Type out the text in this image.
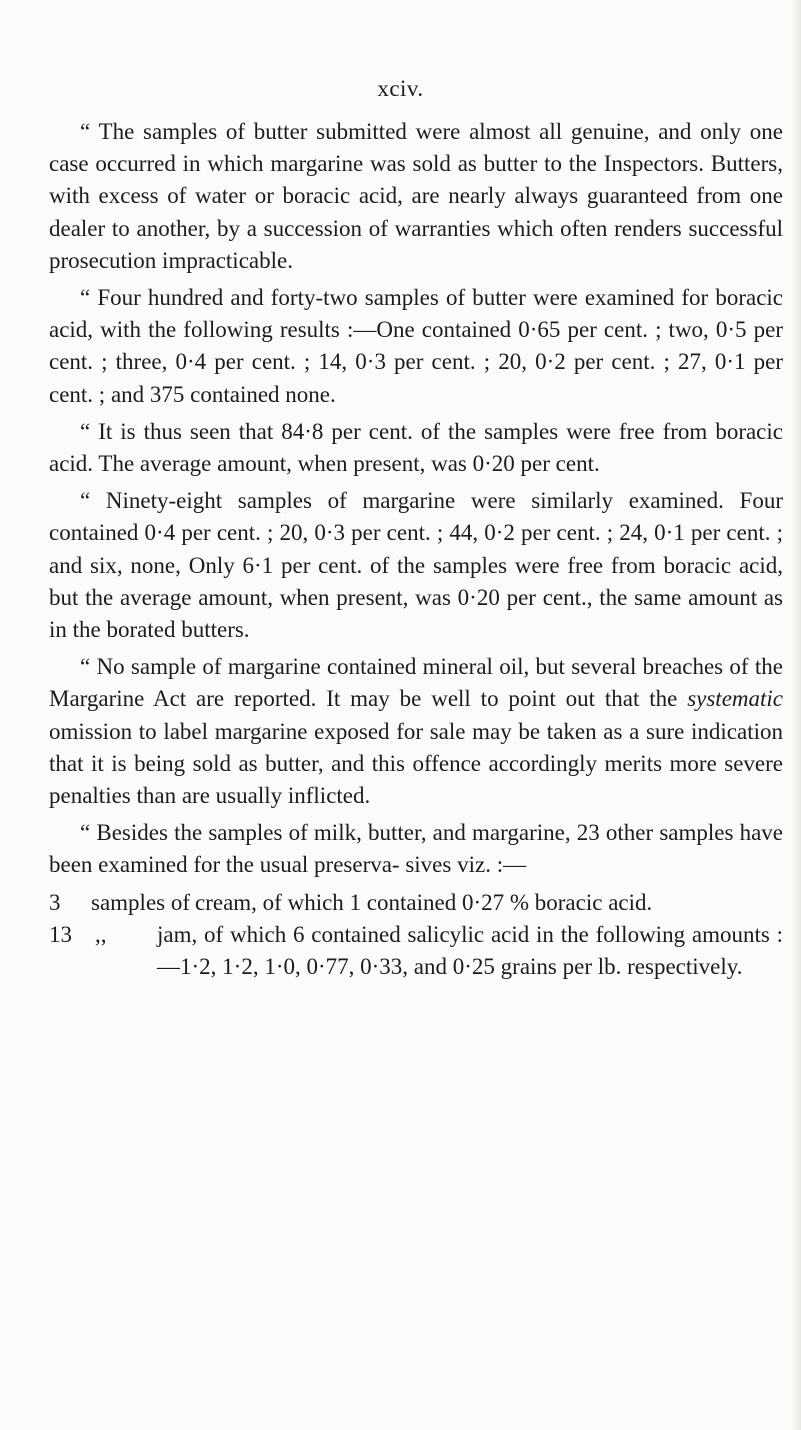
xciv.

“ The samples of butter submitted were almost all genuine, and only one case occurred in which margarine was sold as butter to the Inspectors. Butters, with excess of water or boracic acid, are nearly always guaranteed from one dealer to another, by a succession of warranties which often renders successful prosecution impracticable.

“ Four hundred and forty-two samples of butter were examined for boracic acid, with the following results :—One contained 0·65 per cent. ; two, 0·5 per cent. ; three, 0·4 per cent. ; 14, 0·3 per cent. ; 20, 0·2 per cent. ; 27, 0·1 per cent. ; and 375 contained none.

“ It is thus seen that 84·8 per cent. of the samples were free from boracic acid. The average amount, when present, was 0·20 per cent.

“ Ninety-eight samples of margarine were similarly examined. Four contained 0·4 per cent. ; 20, 0·3 per cent. ; 44, 0·2 per cent. ; 24, 0·1 per cent. ; and six, none, Only 6·1 per cent. of the samples were free from boracic acid, but the average amount, when present, was 0·20 per cent., the same amount as in the borated butters.

“ No sample of margarine contained mineral oil, but several breaches of the Margarine Act are reported. It may be well to point out that the systematic omission to label margarine exposed for sale may be taken as a sure indication that it is being sold as butter, and this offence accordingly merits more severe penalties than are usually inflicted.

“ Besides the samples of milk, butter, and margarine, 23 other samples have been examined for the usual preserva- sives viz. :—

3	samples of cream, of which 1 contained 0·27 % boracic acid.
13	,,	jam, of which 6 contained salicylic acid in the following amounts :—1·2, 1·2, 1·0, 0·77, 0·33, and 0·25 grains per lb. respectively.
